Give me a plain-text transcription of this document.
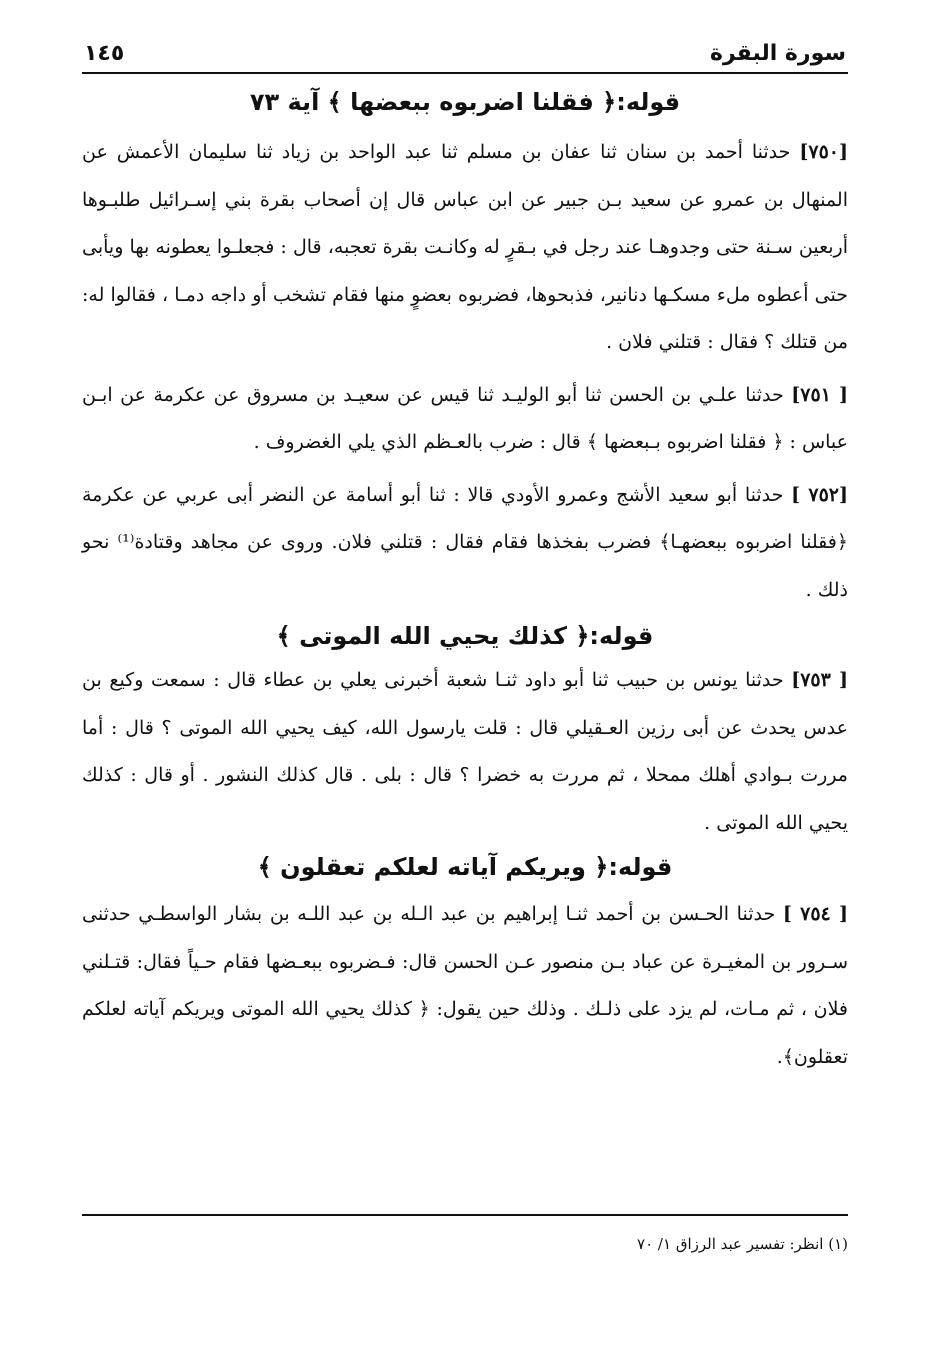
سورة البقرة
١٤٥
قوله:﴿ فقلنا اضربوه ببعضها ﴾ آية ٧٣

[٧٥٠] حدثنا أحمد بن سنان ثنا عفان بن مسلم ثنا عبد الواحد بن زياد ثنا سليمان الأعمش عن المنهال بن عمرو عن سعيد بـن جبير عن ابن عباس قال إن أصحاب بقرة بني إسـرائيل طلبـوها أربعين سـنة حتى وجدوهـا عند رجل في بـقرٍ له وكانـت بقرة تعجبه، قال : فجعلـوا يعطونه بها ويأبى حتى أعطوه ملء مسكـها دنانير، فذبحوها، فضربوه بعضوٍ منها فقام تشخب أو داجه دمـا ، فقالوا له: من قتلك ؟ فقال : قتلني فلان .

[ ٧٥١] حدثنا علـي بن الحسن ثنا أبو الوليـد ثنا قيس عن سعيـد بن مسروق عن عكرمة عن ابـن عباس : ﴿ فقلنا اضربوه بـبعضها ﴾ قال : ضرب بالعـظم الذي يلي الغضروف .

[٧٥٢ ] حدثنا أبو سعيد الأشج وعمرو الأودي قالا : ثنا أبو أسامة عن النضر أبى عربي عن عكرمة ﴿فقلنا اضربوه ببعضهـا﴾ فضرب بفخذها فقام فقال : قتلني فلان. وروى عن مجاهد وقتادة⁽¹⁾ نحو ذلك .

قوله:﴿ كذلك يحيي الله الموتى ﴾

[ ٧٥٣] حدثنا يونس بن حبيب ثنا أبو داود ثنـا شعبة أخبرنى يعلي بن عطاء قال : سمعت وكيع بن عدس يحدث عن أبى رزين العـقيلي قال : قلت يارسول الله، كيف يحيي الله الموتى ؟ قال : أما مررت بـوادي أهلك ممحلا ، ثم مررت به خضرا ؟ قال : بلى . قال كذلك النشور . أو قال : كذلك يحيي الله الموتى .

قوله:﴿ ويريكم آياته لعلكم تعقلون ﴾

[ ٧٥٤ ] حدثنا الحـسن بن أحمد ثنـا إبراهيم بن عبد الـله بن عبد اللـه بن بشار الواسطـي حدثنى سـرور بن المغيـرة عن عباد بـن منصور عـن الحسن قال: فـضربوه ببعـضها فقام حـياً فقال: قتـلني فلان ، ثم مـات، لم يزد على ذلـك . وذلك حين يقول: ﴿ كذلك يحيي الله الموتى ويريكم آياته لعلكم تعقلون﴾.

(١) انظر: تفسير عبد الرزاق ١/ ٧٠
